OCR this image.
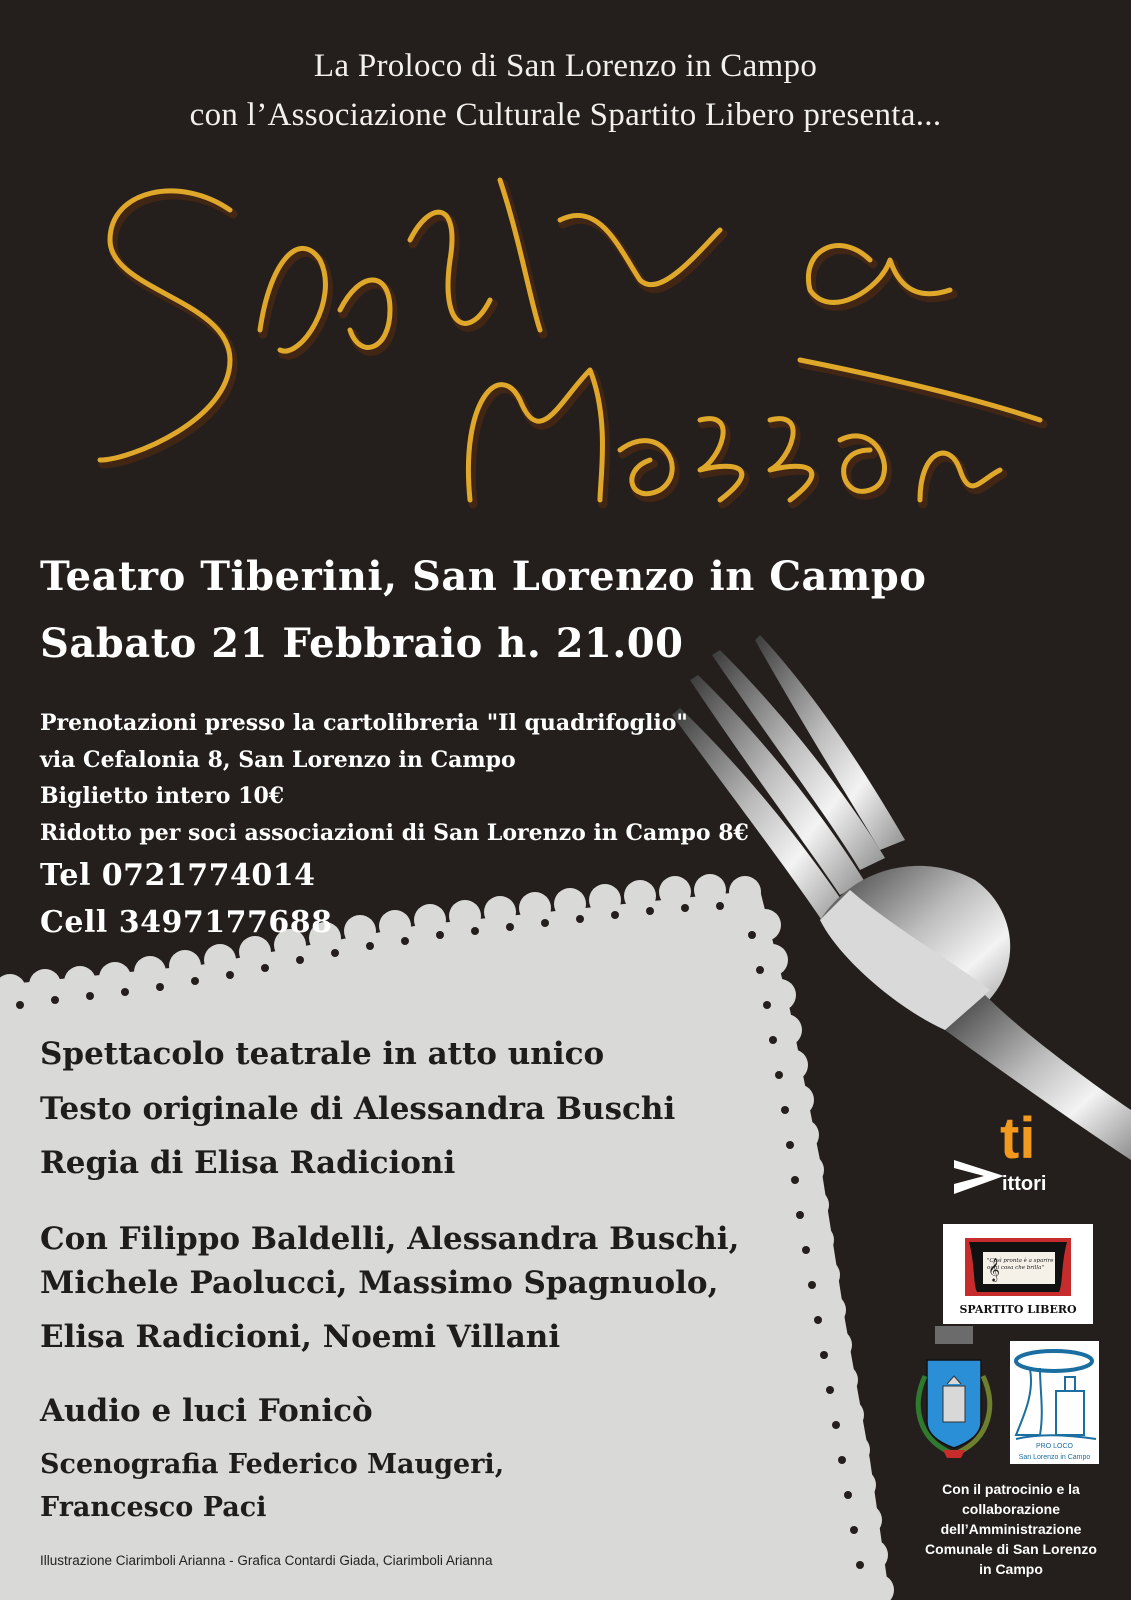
La Proloco di San Lorenzo in Campo
con l’Associazione Culturale Spartito Libero presenta...
Teatro Tiberini, San Lorenzo in Campo
Sabato 21 Febbraio h. 21.00
Prenotazioni presso la cartolibreria "Il quadrifoglio"
via Cefalonia 8, San Lorenzo in Campo
Biglietto intero 10€
Ridotto per soci associazioni di San Lorenzo in Campo 8€
Tel 0721774014
Cell 3497177688
Spettacolo teatrale in atto unico
Testo originale di Alessandra Buschi
Regia di Elisa Radicioni
Con Filippo Baldelli, Alessandra Buschi,
Michele Paolucci, Massimo Spagnuolo,
Elisa Radicioni, Noemi Villani
Audio e luci Fonicò
Scenografia Federico Maugeri,
Francesco Paci
Illustrazione Ciarimboli Arianna - Grafica Contardi Giada, Ciarimboli Arianna
ti
ittori
𝄞
"Così pronta è a sparire ogni cosa che brilla"
SPARTITO LIBERO
PRO LOCO
San Lorenzo in Campo
Con il patrocinio e la collaborazione dell’Amministrazione Comunale di San Lorenzo in Campo
